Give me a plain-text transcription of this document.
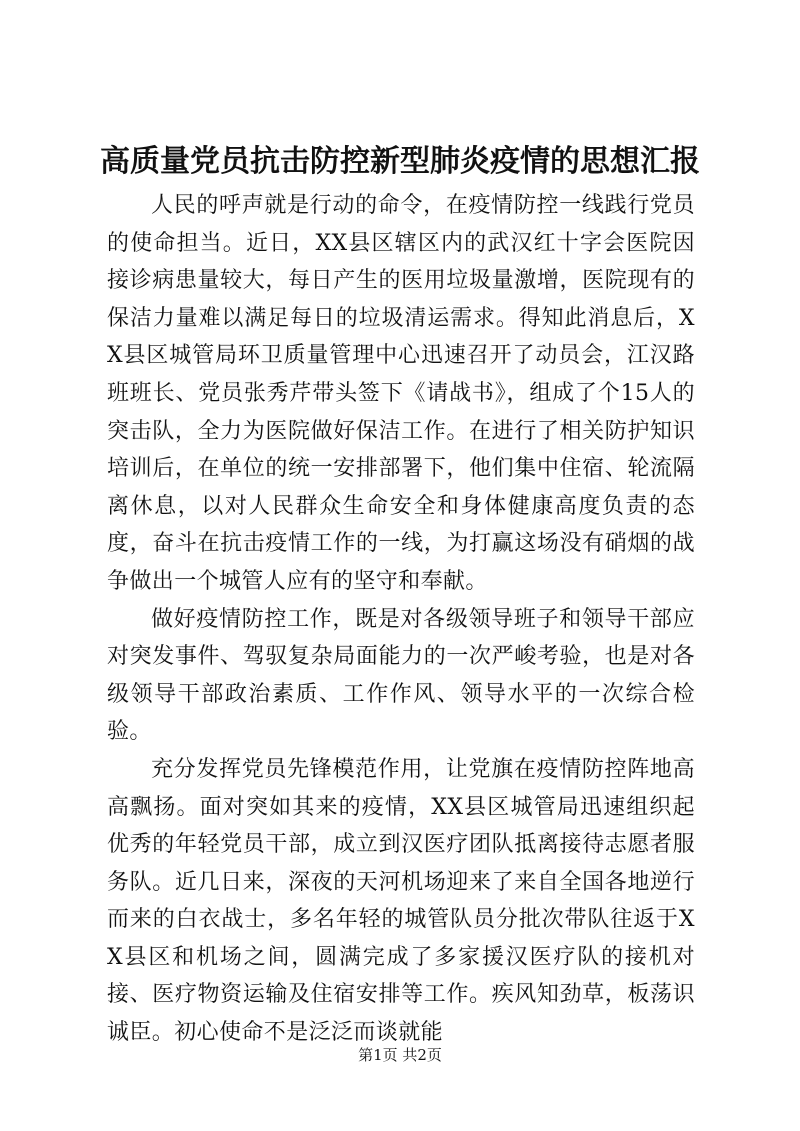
高质量党员抗击防控新型肺炎疫情的思想汇报

人民的呼声就是行动的命令，在疫情防控一线践行党员的使命担当。近日，XX县区辖区内的武汉红十字会医院因接诊病患量较大，每日产生的医用垃圾量激增，医院现有的保洁力量难以满足每日的垃圾清运需求。得知此消息后，XX县区城管局环卫质量管理中心迅速召开了动员会，江汉路班班长、党员张秀芹带头签下《请战书》，组成了个15人的突击队，全力为医院做好保洁工作。在进行了相关防护知识培训后，在单位的统一安排部署下，他们集中住宿、轮流隔离休息，以对人民群众生命安全和身体健康高度负责的态度，奋斗在抗击疫情工作的一线，为打赢这场没有硝烟的战争做出一个城管人应有的坚守和奉献。

做好疫情防控工作，既是对各级领导班子和领导干部应对突发事件、驾驭复杂局面能力的一次严峻考验，也是对各级领导干部政治素质、工作作风、领导水平的一次综合检验。

充分发挥党员先锋模范作用，让党旗在疫情防控阵地高高飘扬。面对突如其来的疫情，XX县区城管局迅速组织起优秀的年轻党员干部，成立到汉医疗团队抵离接待志愿者服务队。近几日来，深夜的天河机场迎来了来自全国各地逆行而来的白衣战士，多名年轻的城管队员分批次带队往返于XX县区和机场之间，圆满完成了多家援汉医疗队的接机对接、医疗物资运输及住宿安排等工作。疾风知劲草，板荡识诚臣。初心使命不是泛泛而谈就能

第1页 共2页
